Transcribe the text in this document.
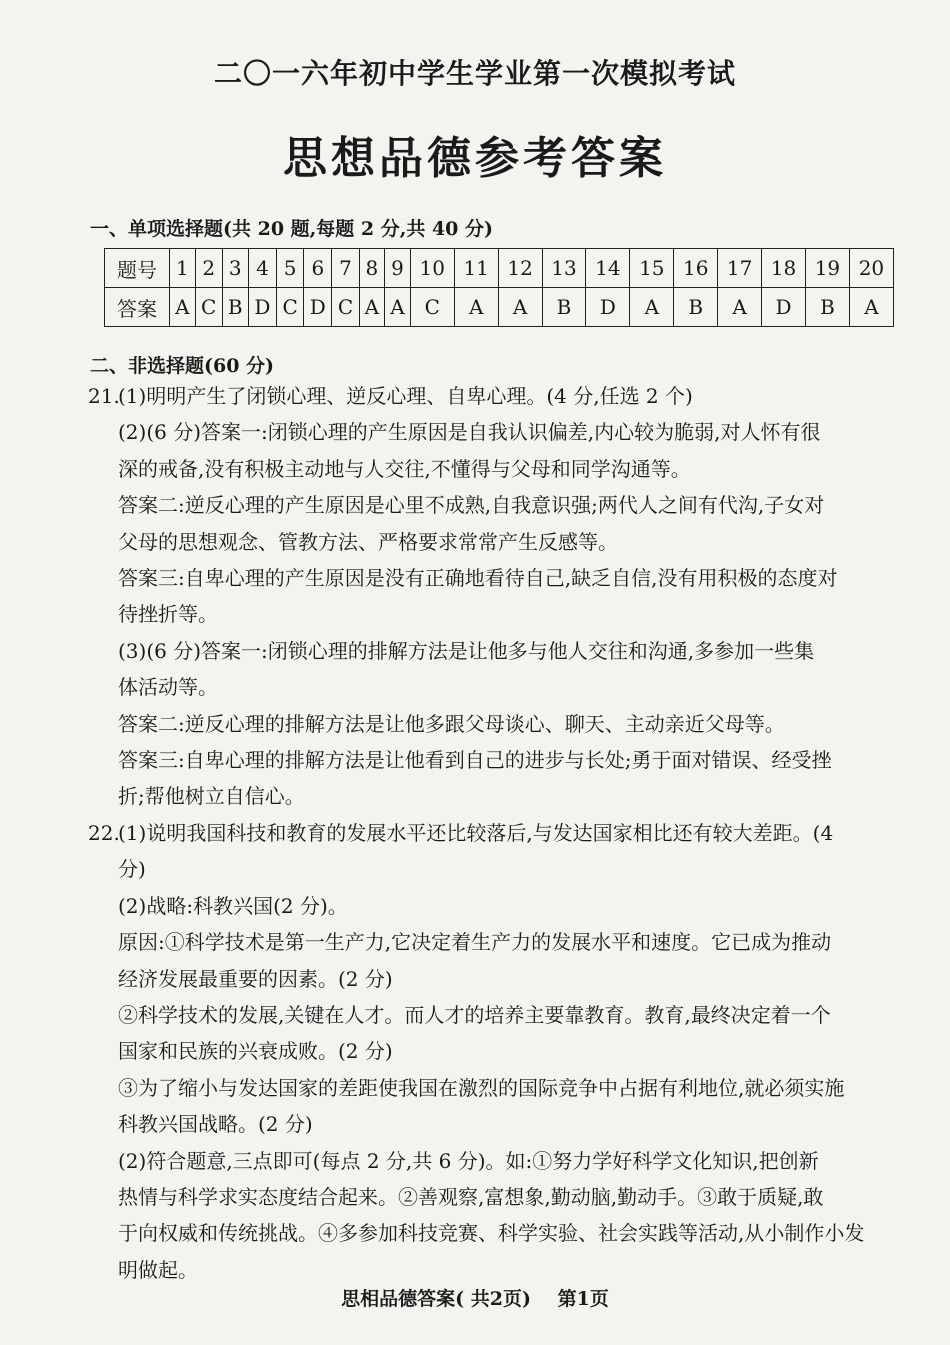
二〇一六年初中学生学业第一次模拟考试
思想品德参考答案
一、单项选择题(共 20 题,每题 2 分,共 40 分)
题号	1	2	3	4	5	6	7	8	9	10	11	12	13	14	15	16	17	18	19	20
答案	A	C	B	D	C	D	C	A	A	C	A	A	B	D	A	B	A	D	B	A
二、非选择题(60 分)

21.(1)明明产生了闭锁心理、逆反心理、自卑心理。(4 分,任选 2 个)

(2)(6 分)答案一:闭锁心理的产生原因是自我认识偏差,内心较为脆弱,对人怀有很

深的戒备,没有积极主动地与人交往,不懂得与父母和同学沟通等。

答案二:逆反心理的产生原因是心里不成熟,自我意识强;两代人之间有代沟,子女对

父母的思想观念、管教方法、严格要求常常产生反感等。

答案三:自卑心理的产生原因是没有正确地看待自己,缺乏自信,没有用积极的态度对

待挫折等。

(3)(6 分)答案一:闭锁心理的排解方法是让他多与他人交往和沟通,多参加一些集

体活动等。

答案二:逆反心理的排解方法是让他多跟父母谈心、聊天、主动亲近父母等。

答案三:自卑心理的排解方法是让他看到自己的进步与长处;勇于面对错误、经受挫

折;帮他树立自信心。

22.(1)说明我国科技和教育的发展水平还比较落后,与发达国家相比还有较大差距。(4

分)

(2)战略:科教兴国(2 分)。

原因:①科学技术是第一生产力,它决定着生产力的发展水平和速度。它已成为推动

经济发展最重要的因素。(2 分)

②科学技术的发展,关键在人才。而人才的培养主要靠教育。教育,最终决定着一个

国家和民族的兴衰成败。(2 分)

③为了缩小与发达国家的差距使我国在激烈的国际竞争中占据有利地位,就必须实施

科教兴国战略。(2 分)

(2)符合题意,三点即可(每点 2 分,共 6 分)。如:①努力学好科学文化知识,把创新

热情与科学求实态度结合起来。②善观察,富想象,勤动脑,勤动手。③敢于质疑,敢

于向权威和传统挑战。④多参加科技竞赛、科学实验、社会实践等活动,从小制作小发

明做起。

思相品德答案( 共2页) 第1页
